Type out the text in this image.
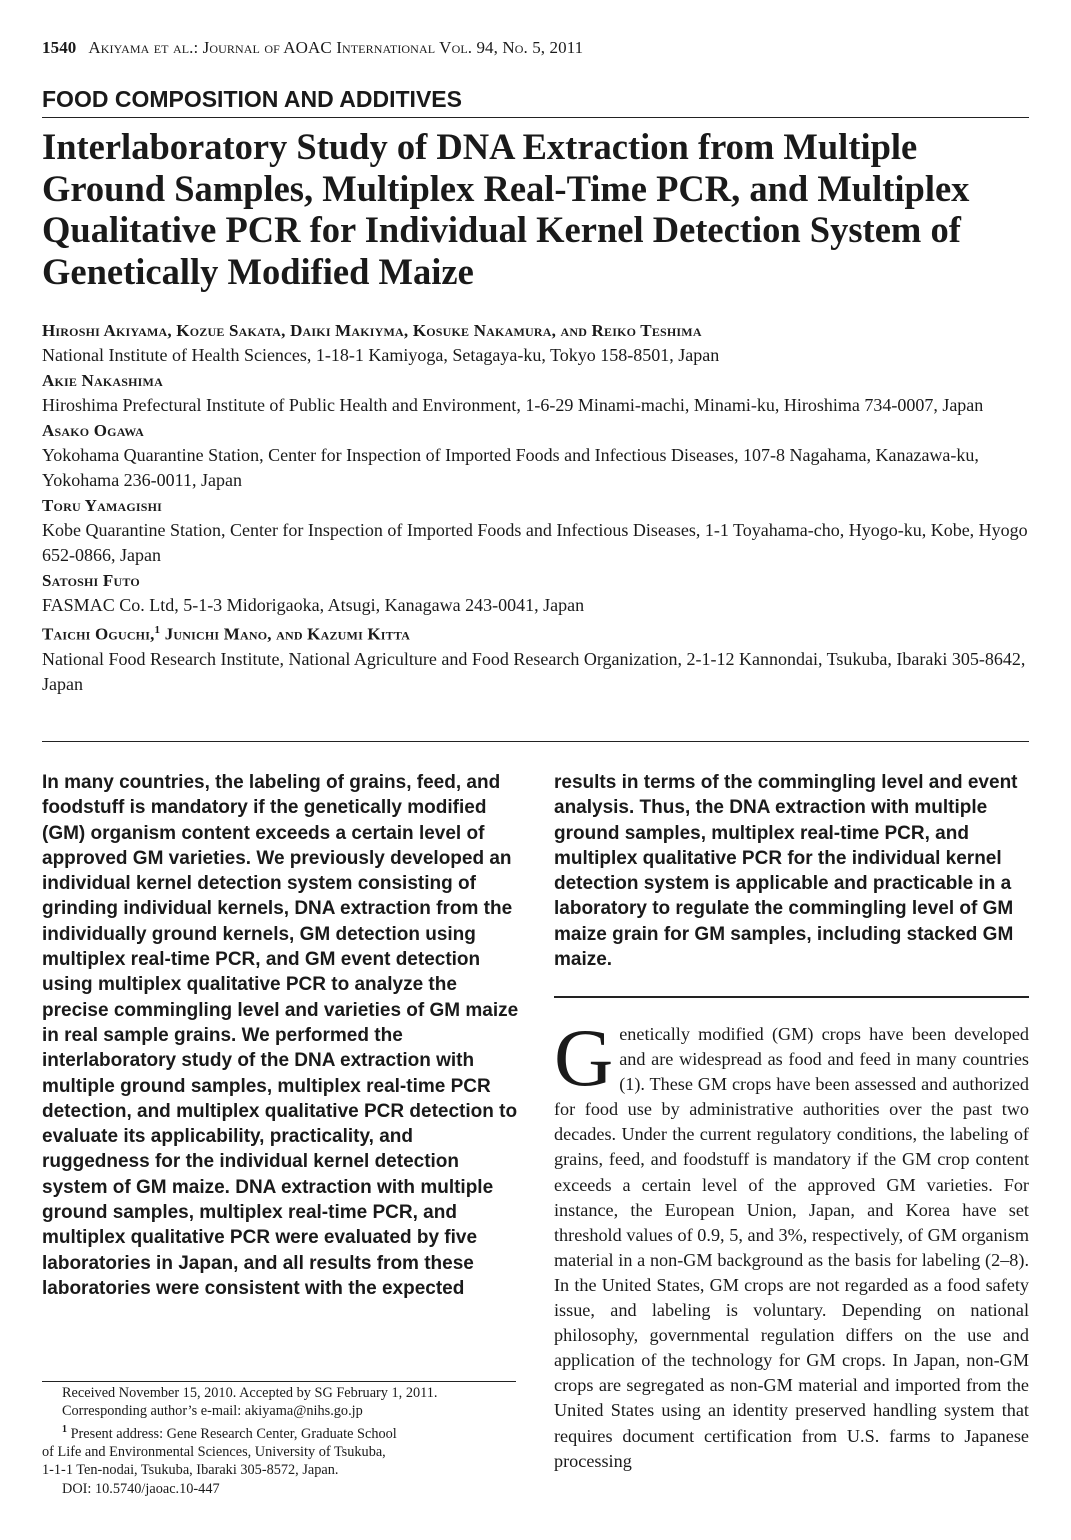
1540 Akiyama et al.: Journal of AOAC International Vol. 94, No. 5, 2011
FOOD COMPOSITION AND ADDITIVES
Interlaboratory Study of DNA Extraction from Multiple Ground Samples, Multiplex Real-Time PCR, and Multiplex Qualitative PCR for Individual Kernel Detection System of Genetically Modified Maize
Hiroshi Akiyama, Kozue Sakata, Daiki Makiyma, Kosuke Nakamura, and Reiko Teshima
National Institute of Health Sciences, 1-18-1 Kamiyoga, Setagaya-ku, Tokyo 158-8501, Japan
Akie Nakashima
Hiroshima Prefectural Institute of Public Health and Environment, 1-6-29 Minami-machi, Minami-ku, Hiroshima 734-0007, Japan
Asako Ogawa
Yokohama Quarantine Station, Center for Inspection of Imported Foods and Infectious Diseases, 107-8 Nagahama, Kanazawa-ku, Yokohama 236-0011, Japan
Toru Yamagishi
Kobe Quarantine Station, Center for Inspection of Imported Foods and Infectious Diseases, 1-1 Toyahama-cho, Hyogo-ku, Kobe, Hyogo 652-0866, Japan
Satoshi Futo
FASMAC Co. Ltd, 5-1-3 Midorigaoka, Atsugi, Kanagawa 243-0041, Japan
Taichi Oguchi,$^1$ Junichi Mano, and Kazumi Kitta
National Food Research Institute, National Agriculture and Food Research Organization, 2-1-12 Kannondai, Tsukuba, Ibaraki 305-8642, Japan
In many countries, the labeling of grains, feed, and foodstuff is mandatory if the genetically modified (GM) organism content exceeds a certain level of approved GM varieties. We previously developed an individual kernel detection system consisting of grinding individual kernels, DNA extraction from the individually ground kernels, GM detection using multiplex real-time PCR, and GM event detection using multiplex qualitative PCR to analyze the precise commingling level and varieties of GM maize in real sample grains. We performed the interlaboratory study of the DNA extraction with multiple ground samples, multiplex real-time PCR detection, and multiplex qualitative PCR detection to evaluate its applicability, practicality, and ruggedness for the individual kernel detection system of GM maize. DNA extraction with multiple ground samples, multiplex real-time PCR, and multiplex qualitative PCR were evaluated by five laboratories in Japan, and all results from these laboratories were consistent with the expected
results in terms of the commingling level and event analysis. Thus, the DNA extraction with multiple ground samples, multiplex real-time PCR, and multiplex qualitative PCR for the individual kernel detection system is applicable and practicable in a laboratory to regulate the commingling level of GM maize grain for GM samples, including stacked GM maize.
Received November 15, 2010. Accepted by SG February 1, 2011.
Corresponding author’s e-mail: akiyama@nihs.go.jp
$^1$ Present address: Gene Research Center, Graduate School
of Life and Environmental Sciences, University of Tsukuba,
1-1-1 Ten-nodai, Tsukuba, Ibaraki 305-8572, Japan.
DOI: 10.5740/jaoac.10-447
Genetically modified (GM) crops have been developed and are widespread as food and feed in many countries (1). These GM crops have been assessed and authorized for food use by administrative authorities over the past two decades. Under the current regulatory conditions, the labeling of grains, feed, and foodstuff is mandatory if the GM crop content exceeds a certain level of the approved GM varieties. For instance, the European Union, Japan, and Korea have set threshold values of 0.9, 5, and 3%, respectively, of GM organism material in a non-GM background as the basis for labeling (2–8). In the United States, GM crops are not regarded as a food safety issue, and labeling is voluntary. Depending on national philosophy, governmental regulation differs on the use and application of the technology for GM crops. In Japan, non-GM crops are segregated as non-GM material and imported from the United States using an identity preserved handling system that requires document certification from U.S. farms to Japanese processing
